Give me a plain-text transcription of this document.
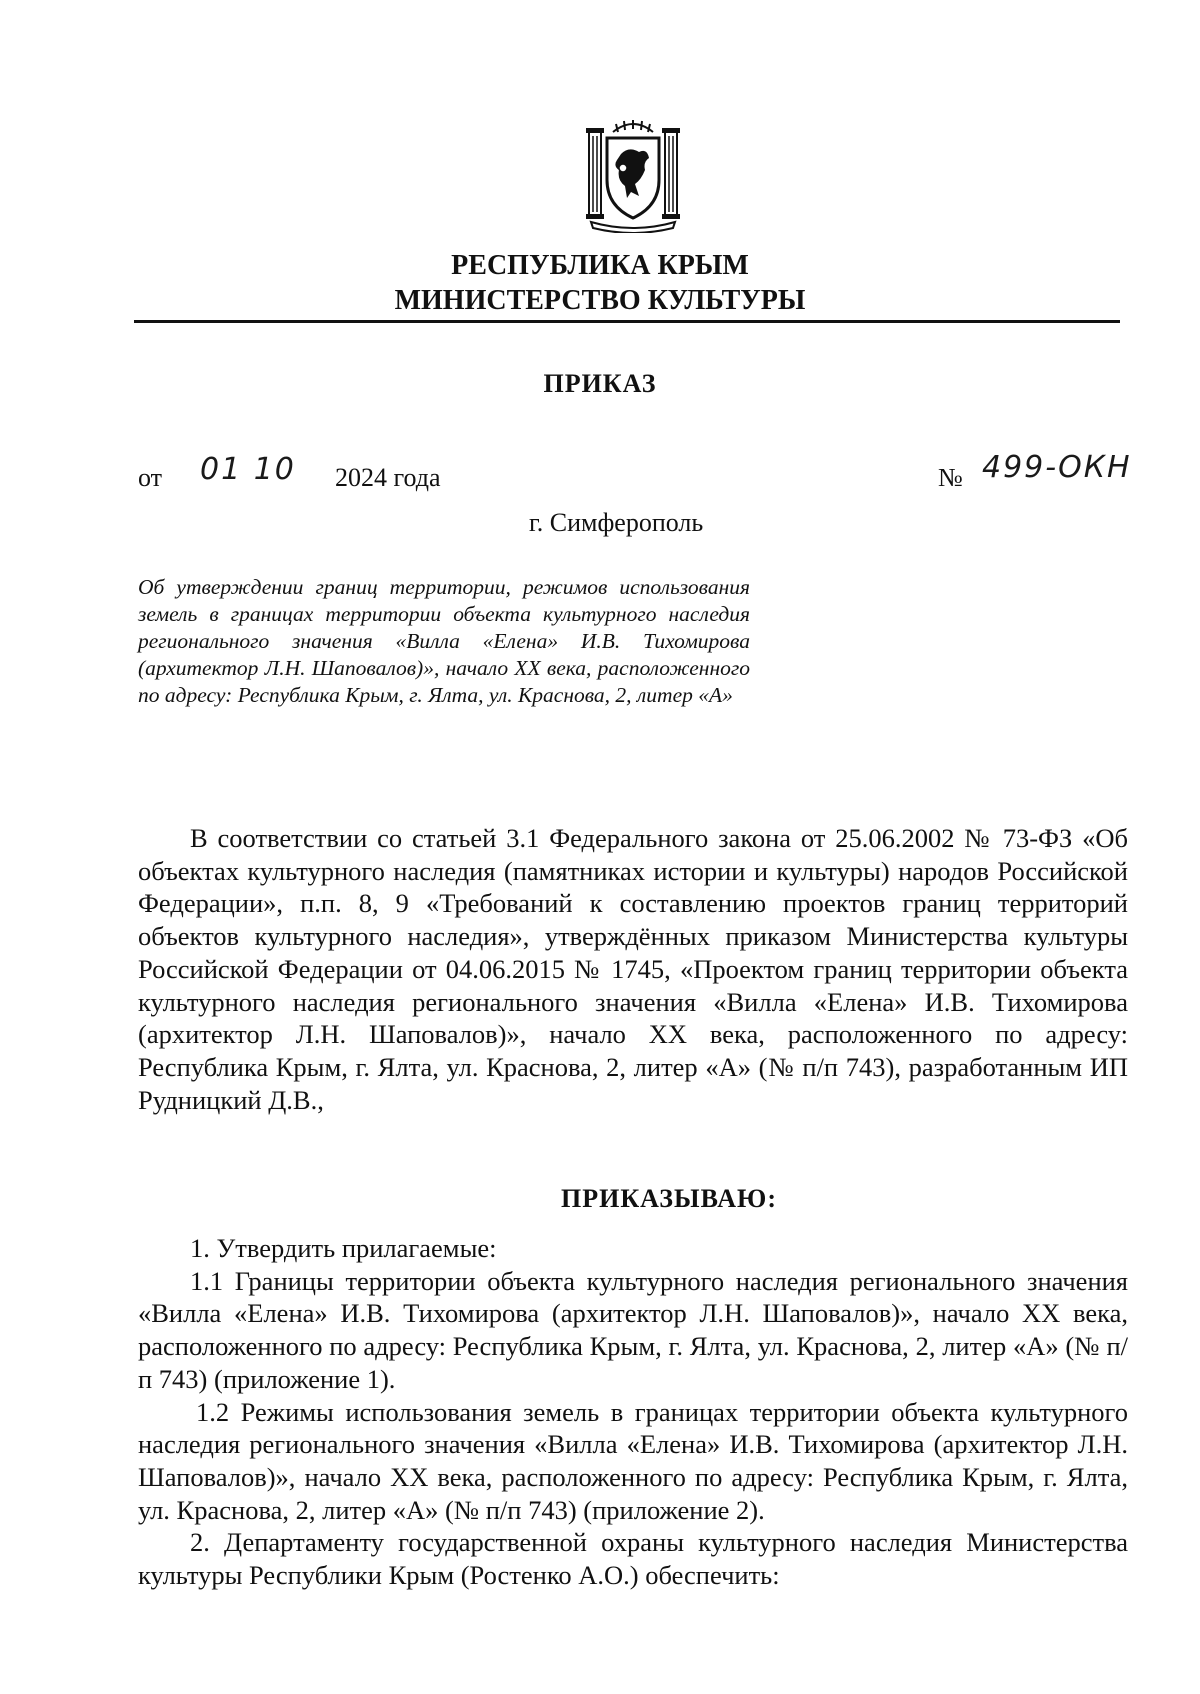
РЕСПУБЛИКА КРЫМ
МИНИСТЕРСТВО КУЛЬТУРЫ
ПРИКАЗ
от 01 10 2024 года	№ 499-ОКН
г. Симферополь
Об утверждении границ территории, режимов использования земель в границах территории объекта культурного наследия регионального значения «Вилла «Елена» И.В. Тихомирова (архитектор Л.Н. Шаповалов)», начало XX века, расположенного по адресу: Республика Крым, г. Ялта, ул. Краснова, 2, литер «А»

В соответствии со статьей 3.1 Федерального закона от 25.06.2002 № 73-ФЗ «Об объектах культурного наследия (памятниках истории и культуры) народов Российской Федерации», п.п. 8, 9 «Требований к составлению проектов границ территорий объектов культурного наследия», утверждённых приказом Министерства культуры Российской Федерации от 04.06.2015 № 1745, «Проектом границ территории объекта культурного наследия регионального значения «Вилла «Елена» И.В. Тихомирова (архитектор Л.Н. Шаповалов)», начало XX века, расположенного по адресу: Республика Крым, г. Ялта, ул. Краснова, 2, литер «А» (№ п/п 743), разработанным ИП Рудницкий Д.В.,

ПРИКАЗЫВАЮ:

1. Утвердить прилагаемые:

1.1 Границы территории объекта культурного наследия регионального значения «Вилла «Елена» И.В. Тихомирова (архитектор Л.Н. Шаповалов)», начало XX века, расположенного по адресу: Республика Крым, г. Ялта, ул. Краснова, 2, литер «А» (№ п/п 743) (приложение 1).

1.2 Режимы использования земель в границах территории объекта культурного наследия регионального значения «Вилла «Елена» И.В. Тихомирова (архитектор Л.Н. Шаповалов)», начало XX века, расположенного по адресу: Республика Крым, г. Ялта, ул. Краснова, 2, литер «А» (№ п/п 743) (приложение 2).

2. Департаменту государственной охраны культурного наследия Министерства культуры Республики Крым (Ростенко А.О.) обеспечить:
